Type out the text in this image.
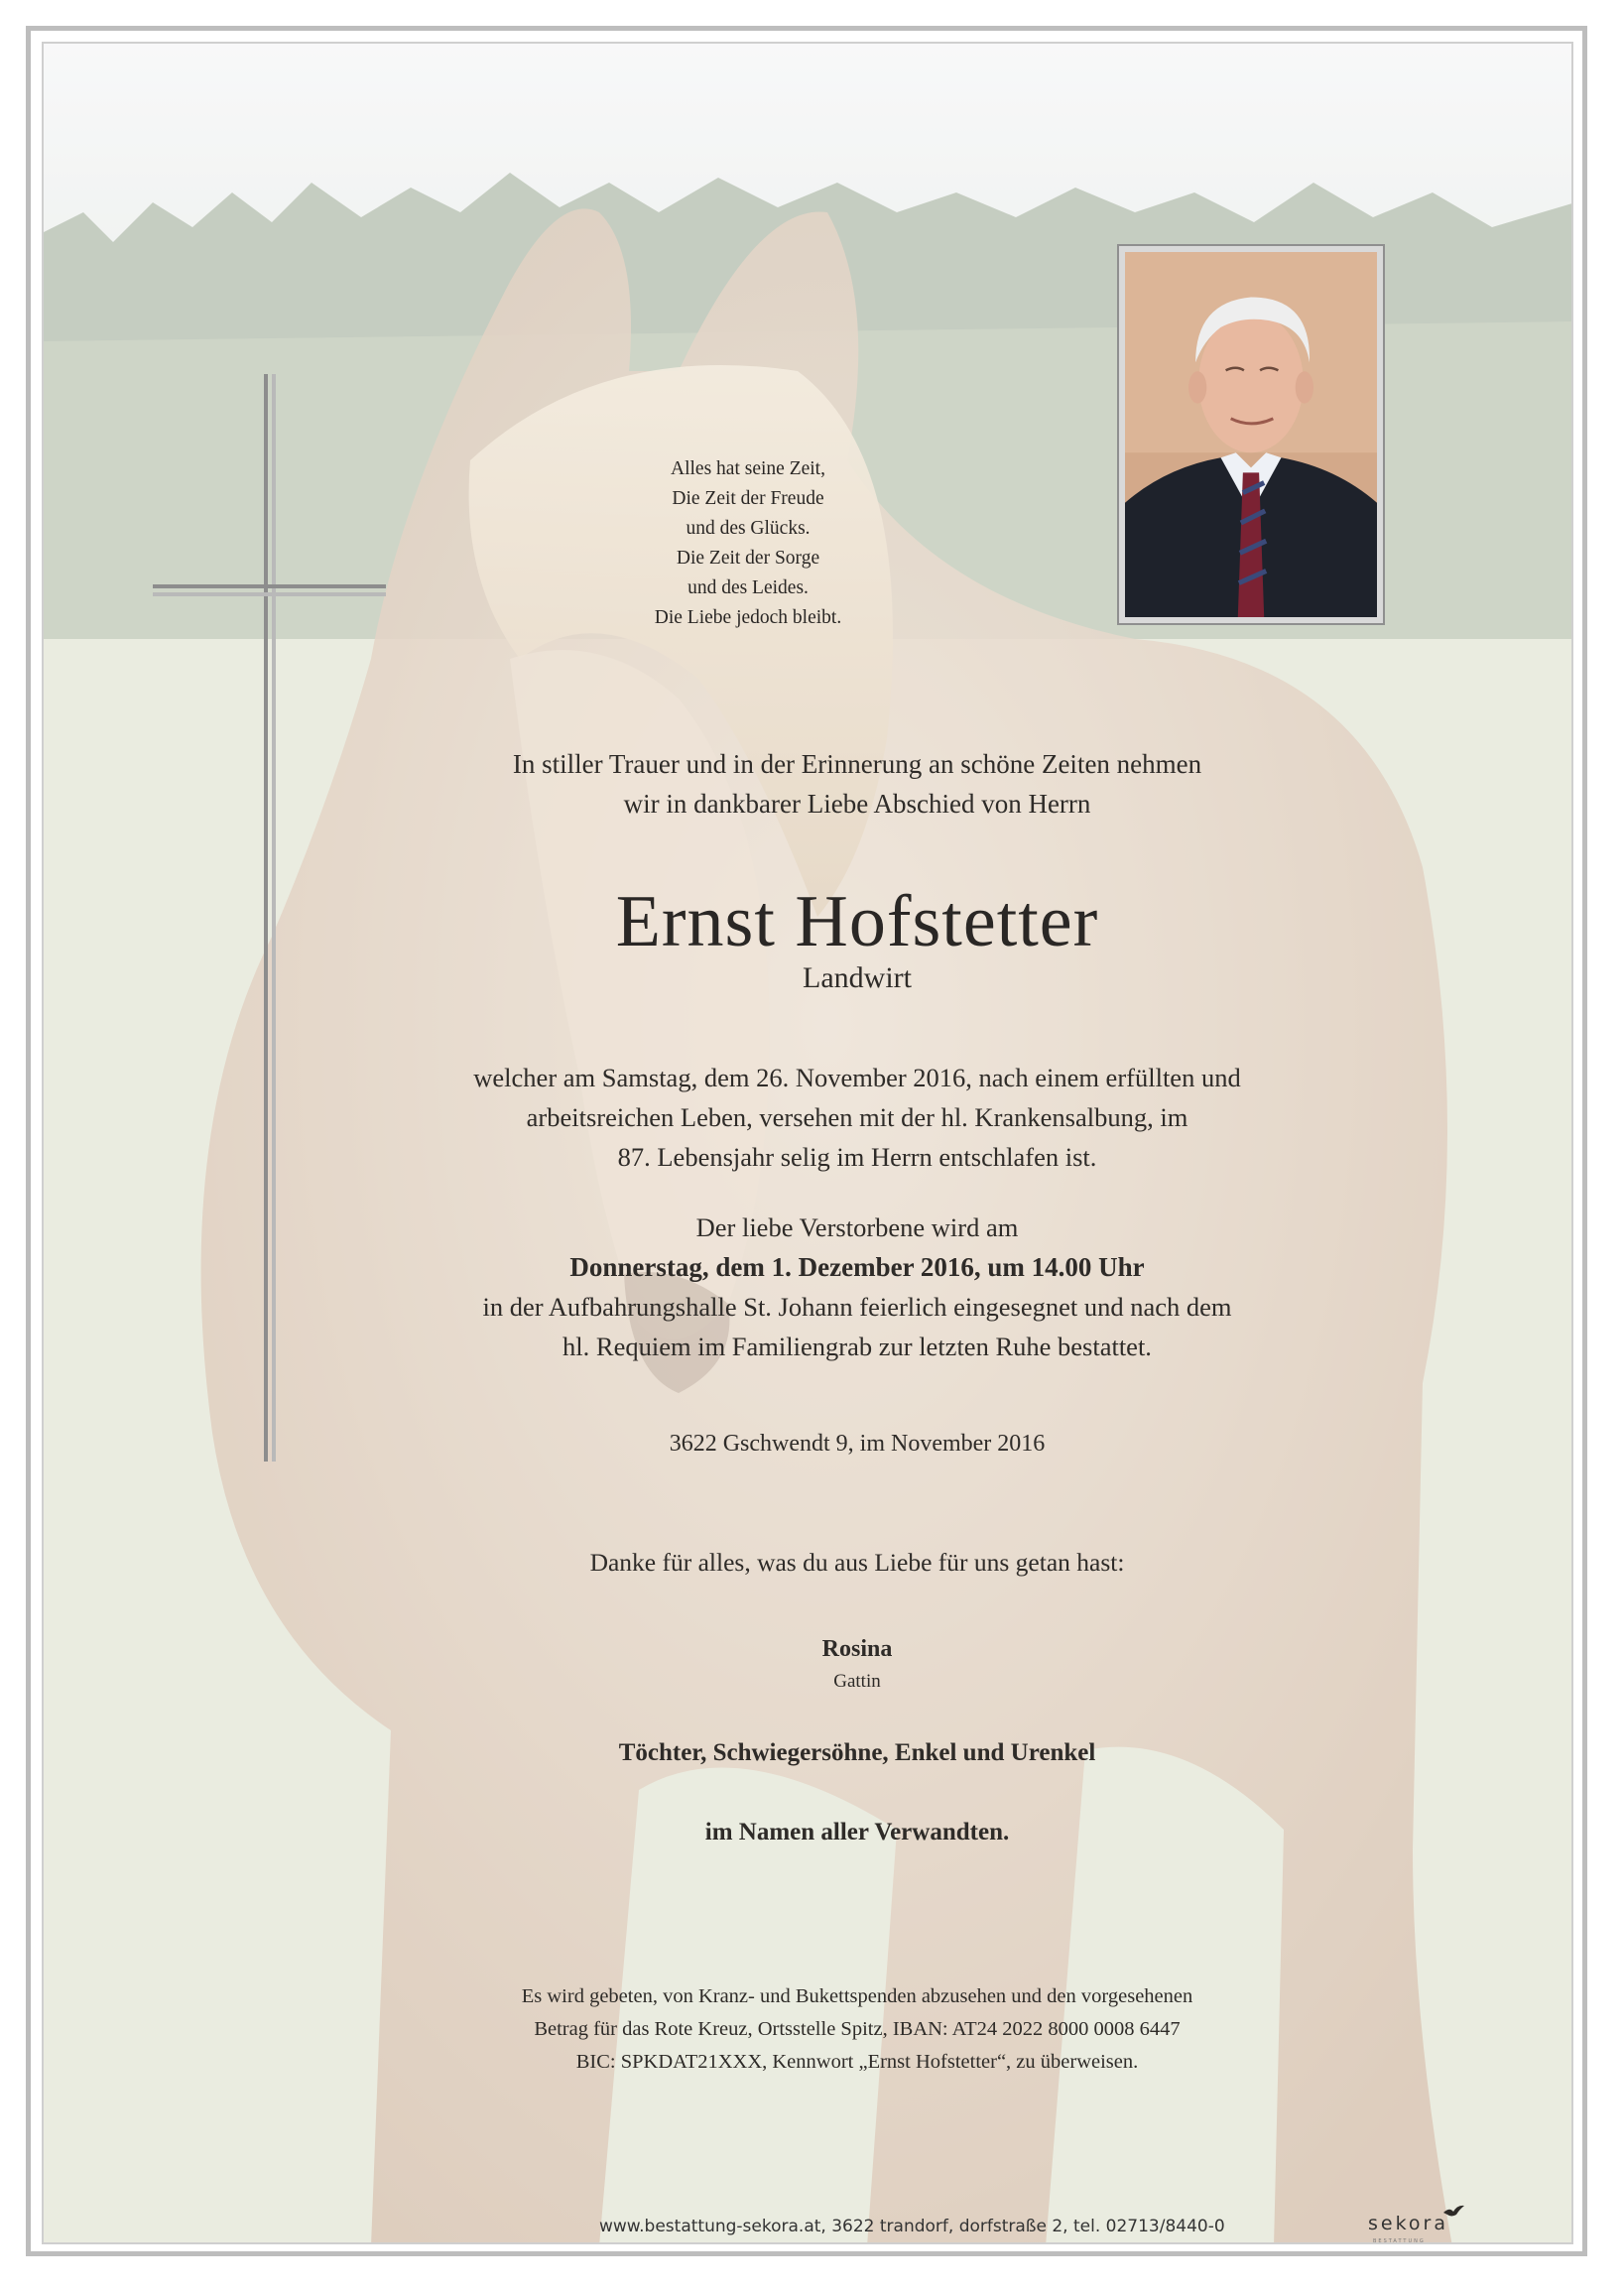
Alles hat seine Zeit,
Die Zeit der Freude
und des Glücks.
Die Zeit der Sorge
und des Leides.
Die Liebe jedoch bleibt.
In stiller Trauer und in der Erinnerung an schöne Zeiten nehmen
wir in dankbarer Liebe Abschied von Herrn
Ernst Hofstetter
Landwirt
welcher am Samstag, dem 26. November 2016, nach einem erfüllten und
arbeitsreichen Leben, versehen mit der hl. Krankensalbung, im
87. Lebensjahr selig im Herrn entschlafen ist.
Der liebe Verstorbene wird am
Donnerstag, dem 1. Dezember 2016, um 14.00 Uhr
in der Aufbahrungshalle St. Johann feierlich eingesegnet und nach dem
hl. Requiem im Familiengrab zur letzten Ruhe bestattet.
3622 Gschwendt 9, im November 2016
Danke für alles, was du aus Liebe für uns getan hast:
Rosina
Gattin
Töchter, Schwiegersöhne, Enkel und Urenkel
im Namen aller Verwandten.
Es wird gebeten, von Kranz- und Bukettspenden abzusehen und den vorgesehenen
Betrag für das Rote Kreuz, Ortsstelle Spitz, IBAN: AT24 2022 8000 0008 6447
BIC: SPKDAT21XXX, Kennwort „Ernst Hofstetter“, zu überweisen.
www.bestattung-sekora.at, 3622 trandorf, dorfstraße 2, tel. 02713/8440-0	sekora
BESTATTUNG
